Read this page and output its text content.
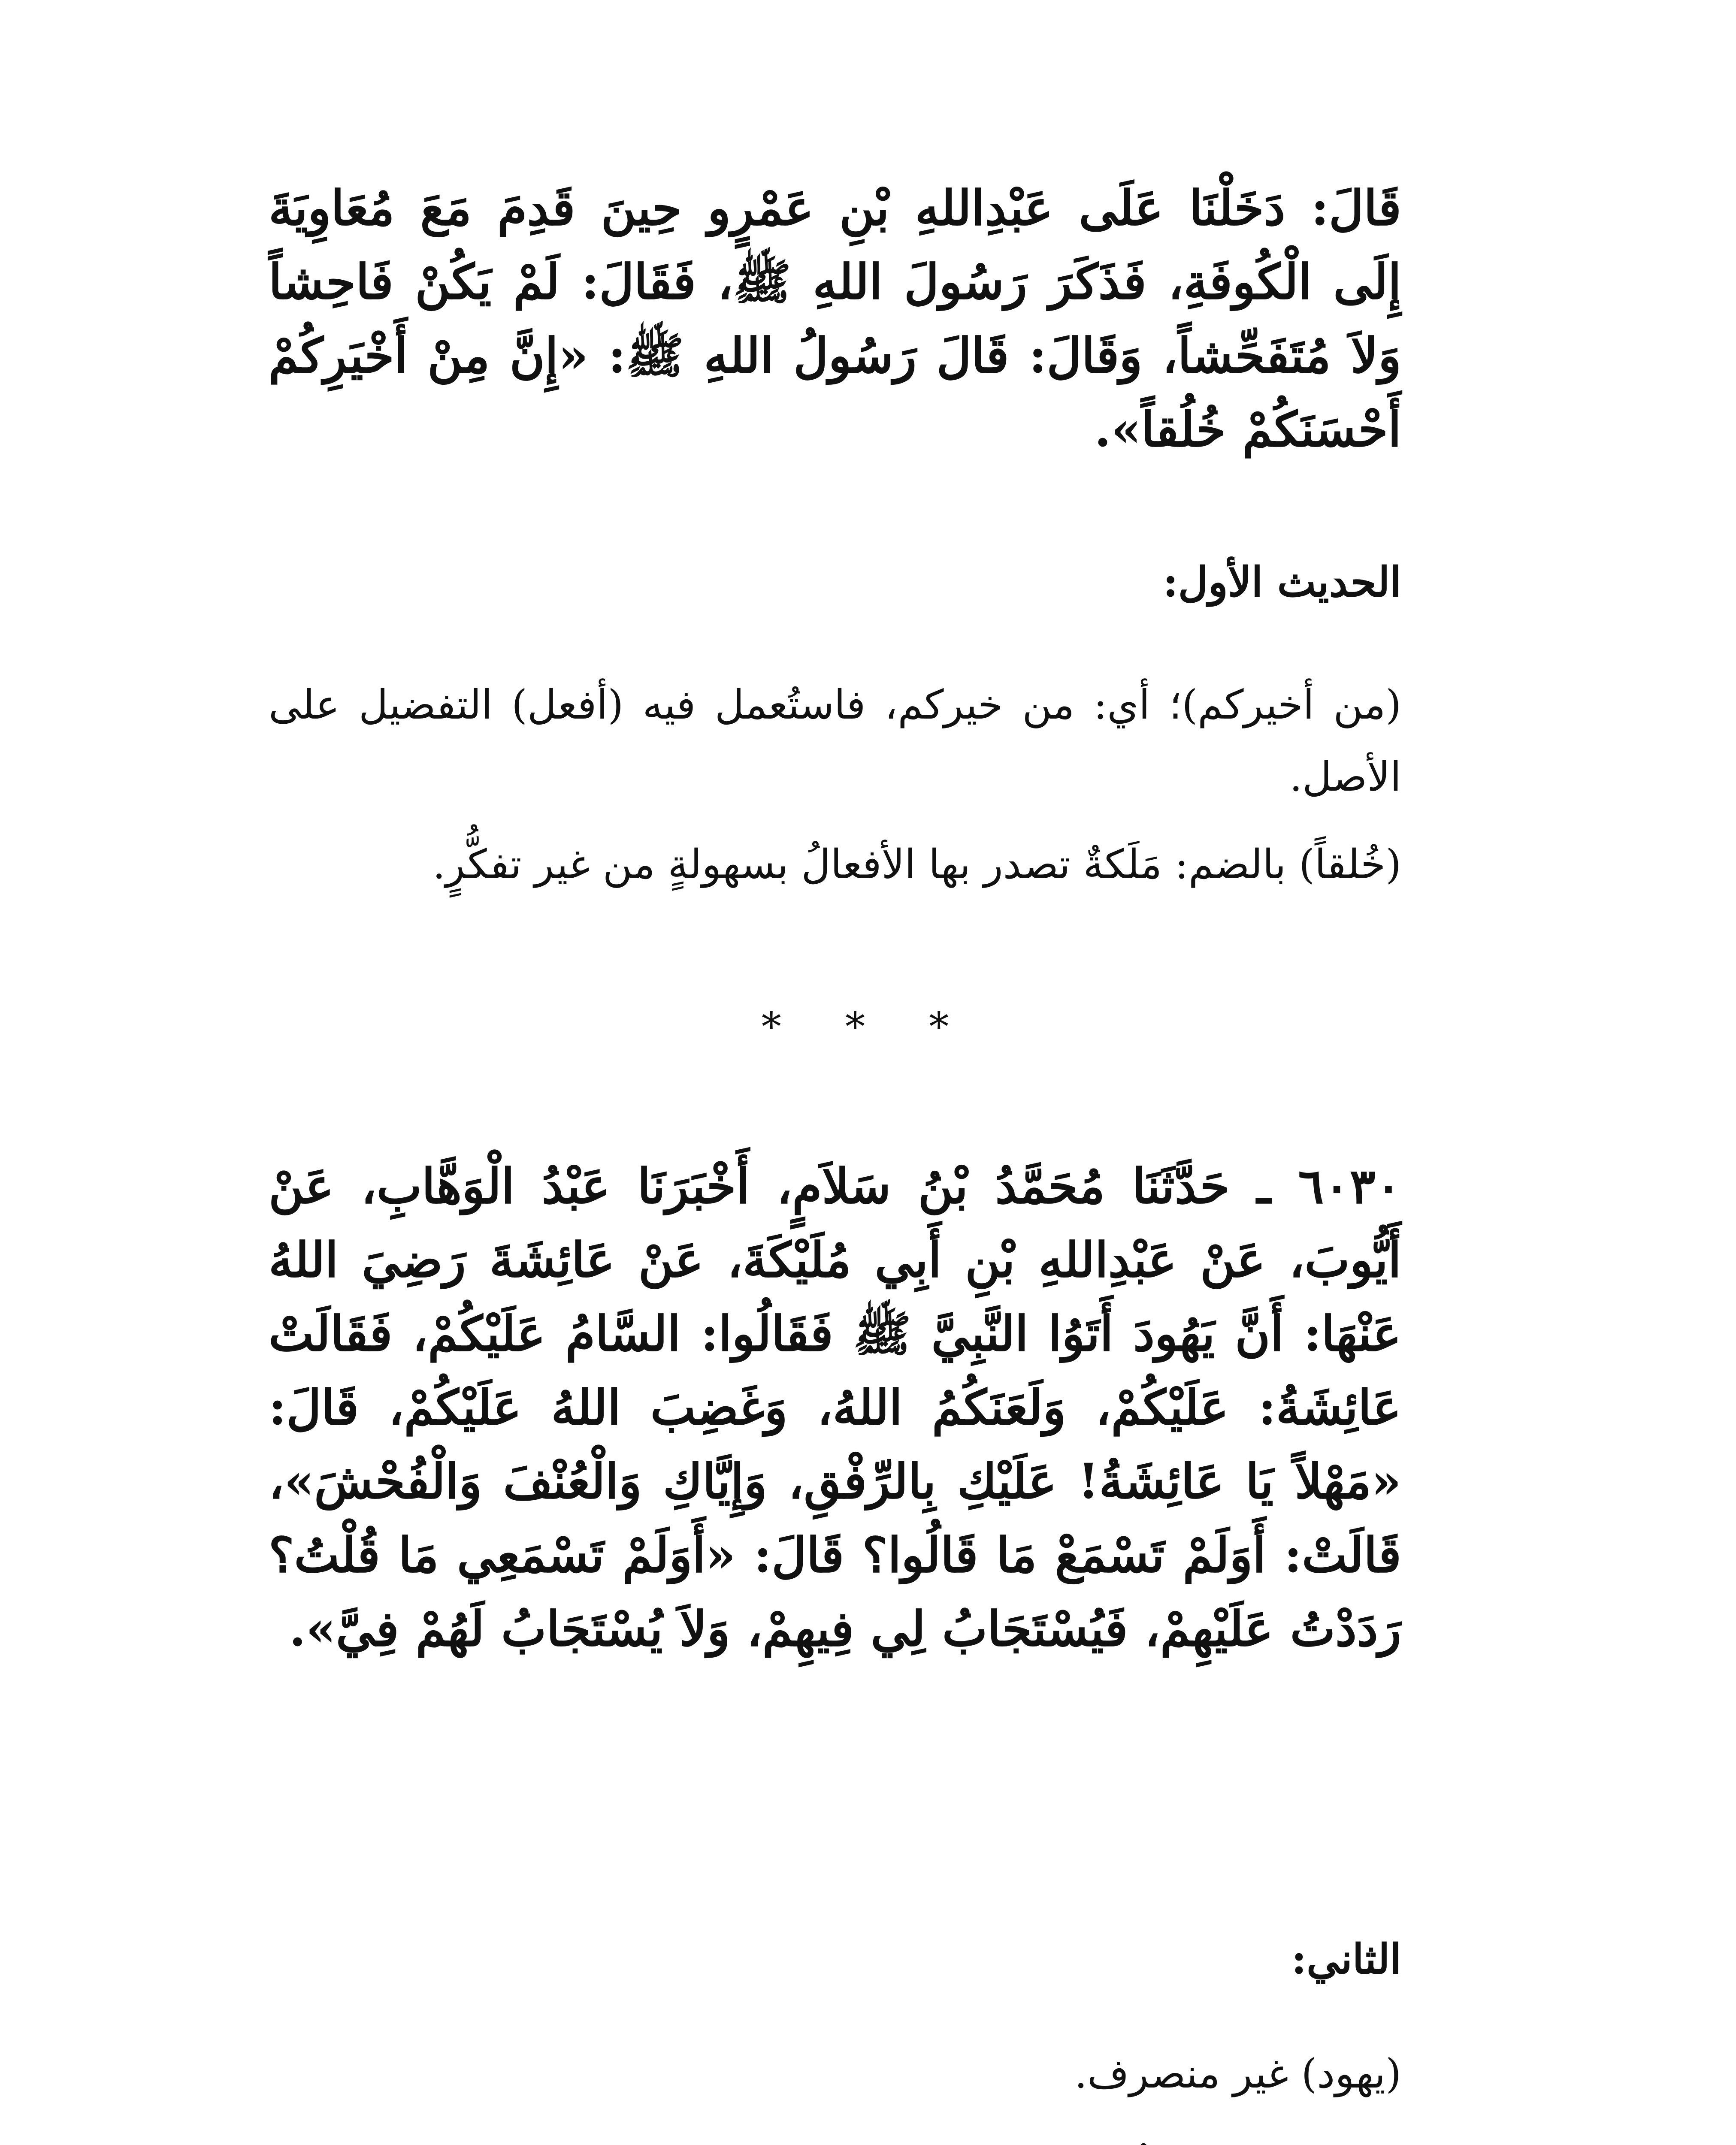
قَالَ: دَخَلْنَا عَلَى عَبْدِاللهِ بْنِ عَمْرٍو حِينَ قَدِمَ مَعَ مُعَاوِيَةَ إِلَى الْكُوفَةِ، فَذَكَرَ رَسُولَ اللهِ ﷺ، فَقَالَ: لَمْ يَكُنْ فَاحِشاً وَلاَ مُتَفَحِّشاً، وَقَالَ: قَالَ رَسُولُ اللهِ ﷺ: «إِنَّ مِنْ أَخْيَرِكُمْ أَحْسَنَكُمْ خُلُقاً».

الحديث الأول:

(من أخيركم)؛ أي: من خيركم، فاستُعمل فيه (أفعل) التفضيل على الأصل.

(خُلقاً) بالضم: مَلَكةٌ تصدر بها الأفعالُ بسهولةٍ من غير تفكُّرٍ.

* * *

٦٠٣٠ ـ حَدَّثَنَا مُحَمَّدُ بْنُ سَلاَمٍ، أَخْبَرَنَا عَبْدُ الْوَهَّابِ، عَنْ أَيُّوبَ، عَنْ عَبْدِاللهِ بْنِ أَبِي مُلَيْكَةَ، عَنْ عَائِشَةَ رَضِيَ اللهُ عَنْهَا: أَنَّ يَهُودَ أَتَوُا النَّبِيَّ ﷺ فَقَالُوا: السَّامُ عَلَيْكُمْ، فَقَالَتْ عَائِشَةُ: عَلَيْكُمْ، وَلَعَنَكُمُ اللهُ، وَغَضِبَ اللهُ عَلَيْكُمْ، قَالَ: «مَهْلاً يَا عَائِشَةُ! عَلَيْكِ بِالرِّفْقِ، وَإِيَّاكِ وَالْعُنْفَ وَالْفُحْشَ»، قَالَتْ: أَوَلَمْ تَسْمَعْ مَا قَالُوا؟ قَالَ: «أَوَلَمْ تَسْمَعِي مَا قُلْتُ؟ رَدَدْتُ عَلَيْهِمْ، فَيُسْتَجَابُ لِي فِيهِمْ، وَلاَ يُسْتَجَابُ لَهُمْ فِيَّ».

الثاني:
(يهود) غير منصرف.
